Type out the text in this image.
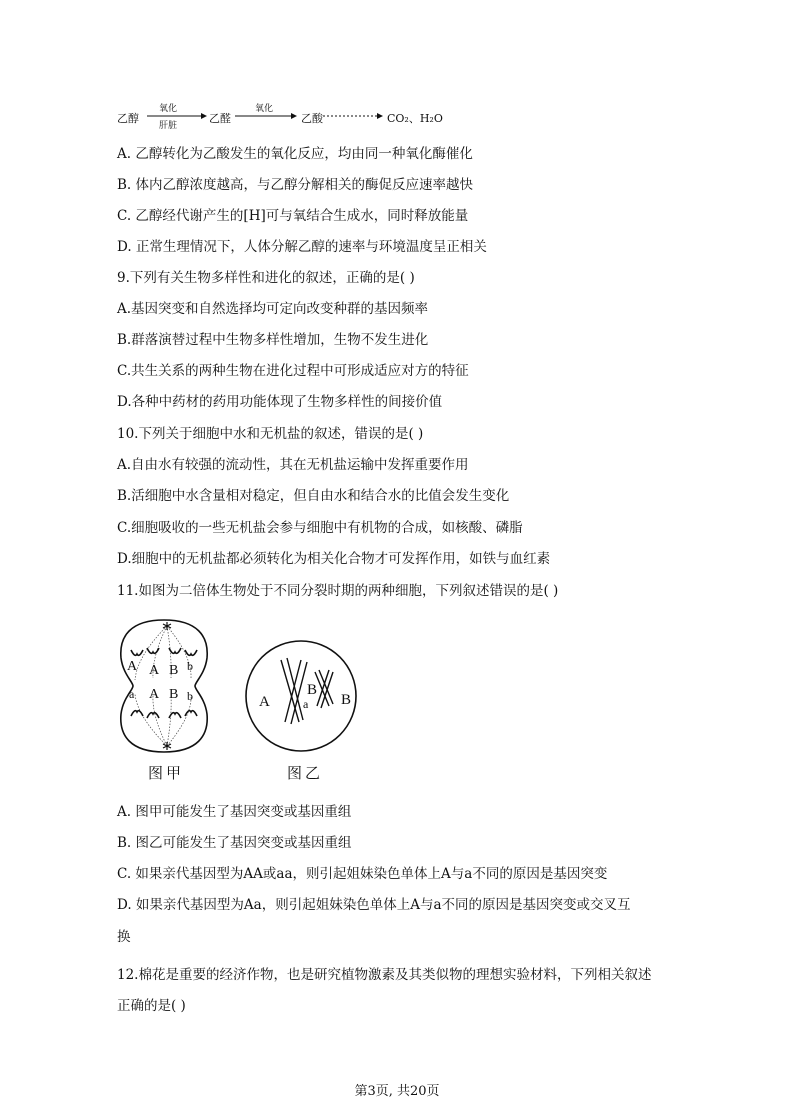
乙醇
氧化
肝脏
乙醛
氧化
乙酸	CO₂、H₂O
A. 乙醇转化为乙酸发生的氧化反应，均由同一种氧化酶催化
B. 体内乙醇浓度越高，与乙醇分解相关的酶促反应速率越快
C. 乙醇经代谢产生的[H]可与氧结合生成水，同时释放能量
D. 正常生理情况下，人体分解乙醇的速率与环境温度呈正相关
9.下列有关生物多样性和进化的叙述，正确的是( )
A.基因突变和自然选择均可定向改变种群的基因频率
B.群落演替过程中生物多样性增加，生物不发生进化
C.共生关系的两种生物在进化过程中可形成适应对方的特征
D.各种中药材的药用功能体现了生物多样性的间接价值
10.下列关于细胞中水和无机盐的叙述，错误的是( )
A.自由水有较强的流动性，其在无机盐运输中发挥重要作用
B.活细胞中水含量相对稳定，但自由水和结合水的比值会发生变化
C.细胞吸收的一些无机盐会参与细胞中有机物的合成，如核酸、磷脂
D.细胞中的无机盐都必须转化为相关化合物才可发挥作用，如铁与血红素
11.如图为二倍体生物处于不同分裂时期的两种细胞，下列叙述错误的是( )
A A B b
a A B b
图甲
A	a
B
B
图乙
A. 图甲可能发生了基因突变或基因重组
B. 图乙可能发生了基因突变或基因重组
C. 如果亲代基因型为AA或aa，则引起姐妹染色单体上A与a不同的原因是基因突变
D. 如果亲代基因型为Aa，则引起姐妹染色单体上A与a不同的原因是基因突变或交叉互
换
12.棉花是重要的经济作物，也是研究植物激素及其类似物的理想实验材料，下列相关叙述
正确的是( )
第3页, 共20页
